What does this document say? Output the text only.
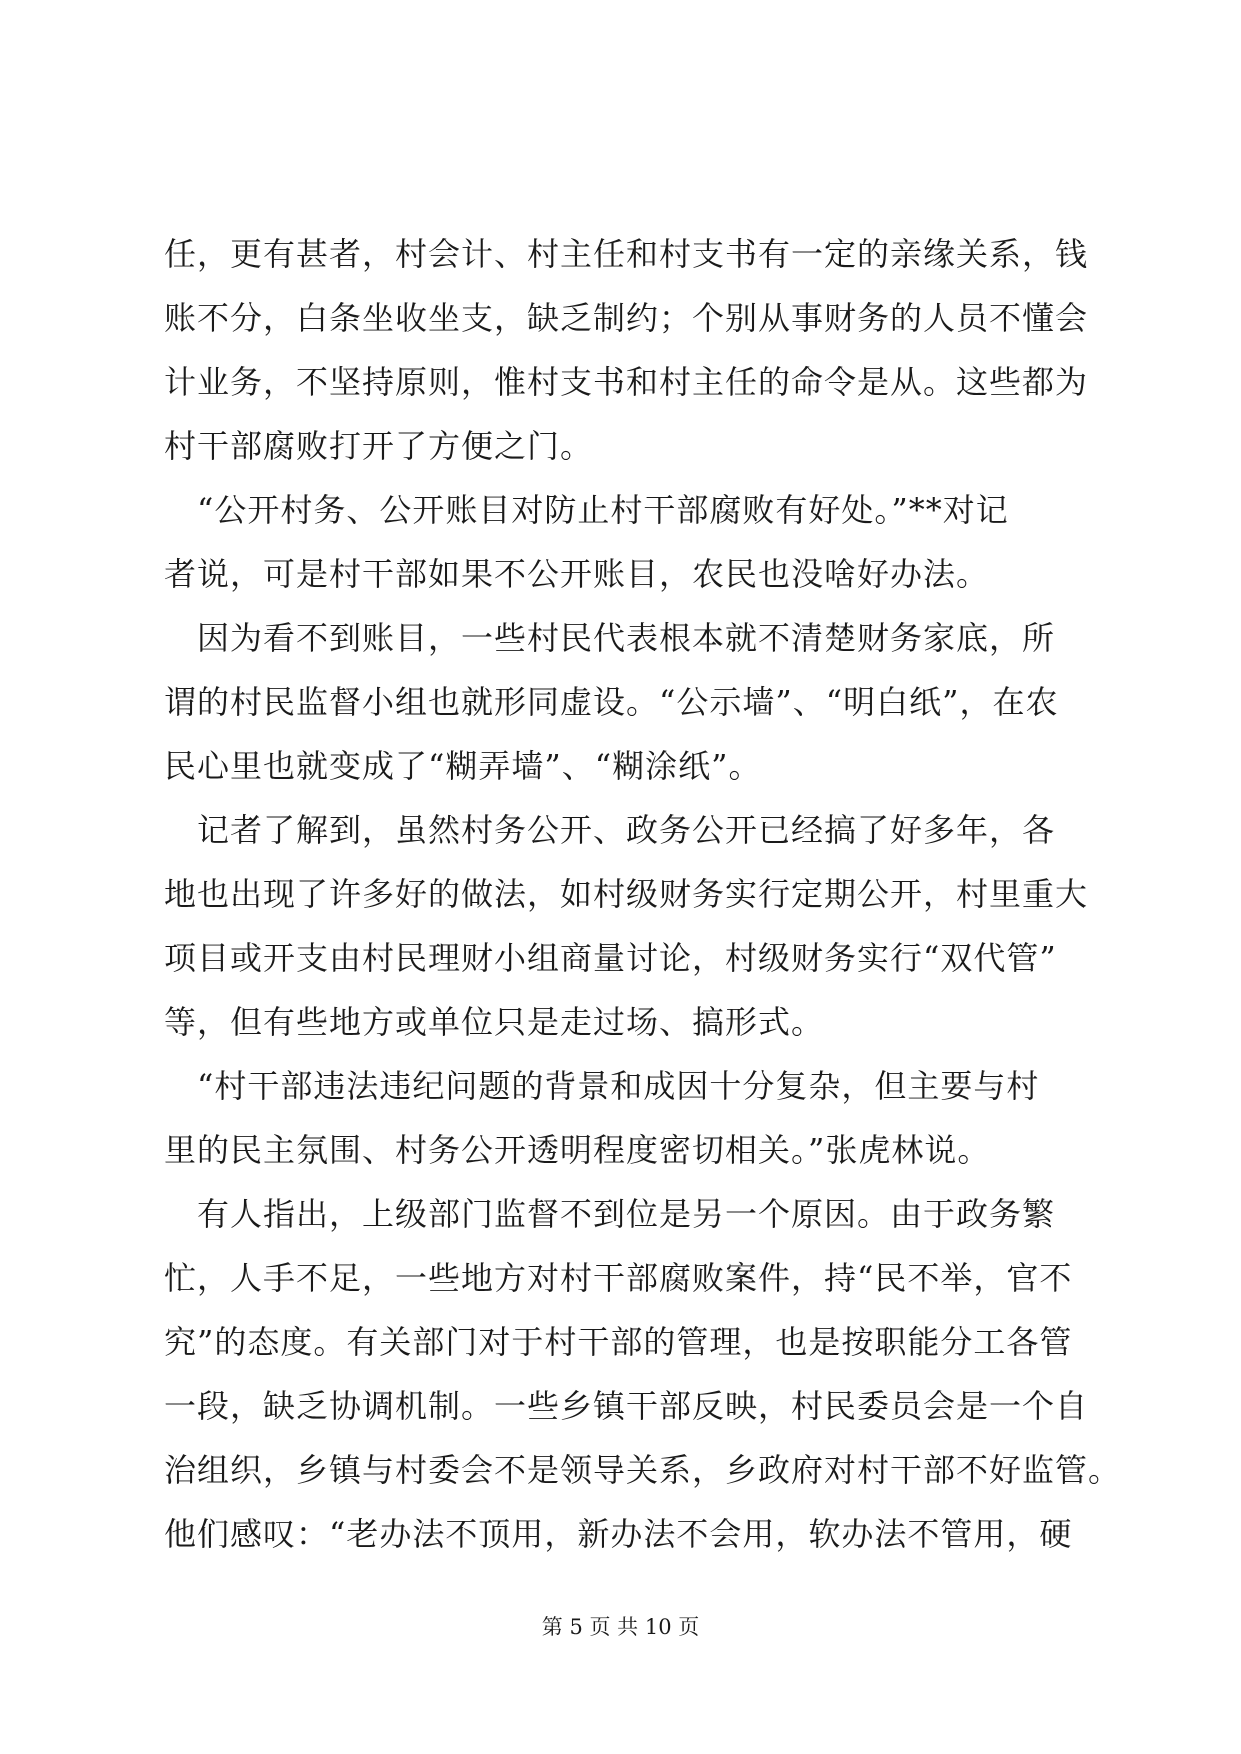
任，更有甚者，村会计、村主任和村支书有一定的亲缘关系，钱
账不分，白条坐收坐支，缺乏制约；个别从事财务的人员不懂会
计业务，不坚持原则，惟村支书和村主任的命令是从。这些都为
村干部腐败打开了方便之门。
　“公开村务、公开账目对防止村干部腐败有好处。”**对记
者说，可是村干部如果不公开账目，农民也没啥好办法。
　因为看不到账目，一些村民代表根本就不清楚财务家底，所
谓的村民监督小组也就形同虚设。“公示墙”、“明白纸”，在农
民心里也就变成了“糊弄墙”、“糊涂纸”。
　记者了解到，虽然村务公开、政务公开已经搞了好多年，各
地也出现了许多好的做法，如村级财务实行定期公开，村里重大
项目或开支由村民理财小组商量讨论，村级财务实行“双代管”
等，但有些地方或单位只是走过场、搞形式。
　“村干部违法违纪问题的背景和成因十分复杂，但主要与村
里的民主氛围、村务公开透明程度密切相关。”张虎林说。
　有人指出，上级部门监督不到位是另一个原因。由于政务繁
忙，人手不足，一些地方对村干部腐败案件，持“民不举，官不
究”的态度。有关部门对于村干部的管理，也是按职能分工各管
一段，缺乏协调机制。一些乡镇干部反映，村民委员会是一个自
治组织，乡镇与村委会不是领导关系，乡政府对村干部不好监管。
他们感叹：“老办法不顶用，新办法不会用，软办法不管用，硬
第 5 页 共 10 页
